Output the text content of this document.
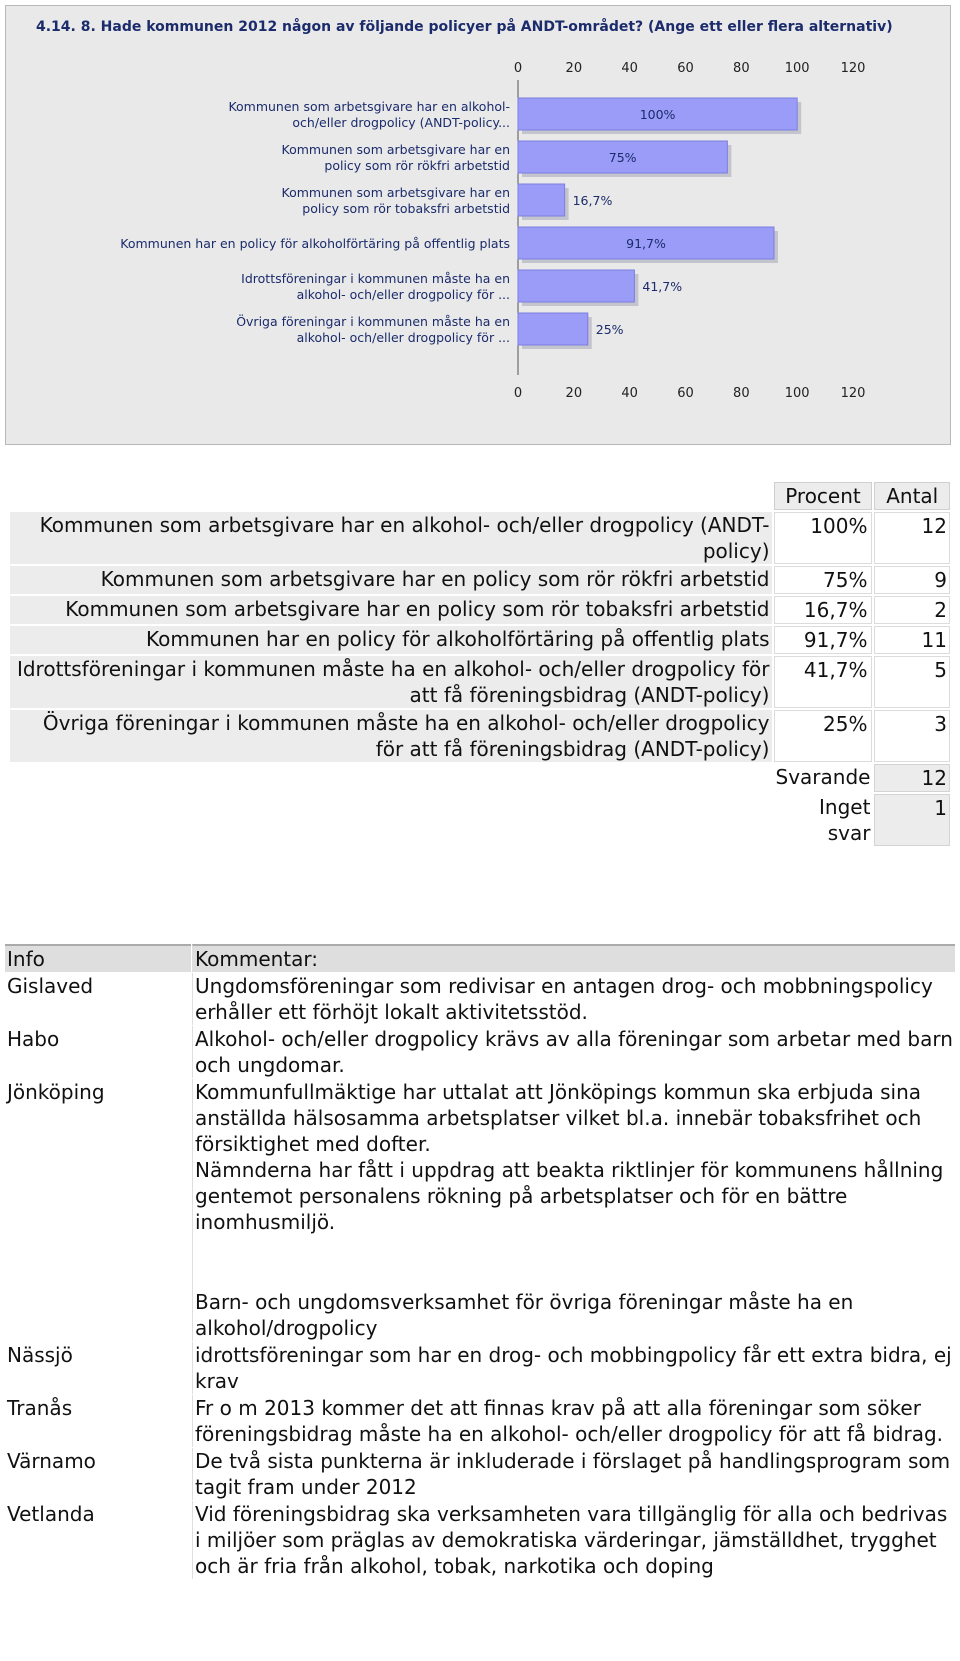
4.14. 8. Hade kommunen 2012 någon av följande policyer på ANDT-området? (Ange ett eller flera alternativ)
0
0
20
20
40
40
60
60
80
80
100
100
120
120
100%
Kommunen som arbetsgivare har en alkohol-
och/eller drogpolicy (ANDT-policy...
75%
Kommunen som arbetsgivare har en
policy som rör rökfri arbetstid
16,7%
Kommunen som arbetsgivare har en
policy som rör tobaksfri arbetstid
91,7%
Kommunen har en policy för alkoholförtäring på offentlig plats
41,7%
Idrottsföreningar i kommunen måste ha en
alkohol- och/eller drogpolicy för ...
25%
Övriga föreningar i kommunen måste ha en
alkohol- och/eller drogpolicy för ...
	Procent	Antal
Kommunen som arbetsgivare har en alkohol- och/eller drogpolicy (ANDT-policy)	100%	12
Kommunen som arbetsgivare har en policy som rör rökfri arbetstid	75%	9
Kommunen som arbetsgivare har en policy som rör tobaksfri arbetstid	16,7%	2
Kommunen har en policy för alkoholförtäring på offentlig plats	91,7%	11
Idrottsföreningar i kommunen måste ha en alkohol- och/eller drogpolicy för att få föreningsbidrag (ANDT-policy)	41,7%	5
Övriga föreningar i kommunen måste ha en alkohol- och/eller drogpolicy för att få föreningsbidrag (ANDT-policy)	25%	3
	Svarande	12
	Inget svar	1
Info	Kommentar:
Gislaved	Ungdomsföreningar som redivisar en antagen drog- och mobbningspolicy erhåller ett förhöjt lokalt aktivitetsstöd.
Habo	Alkohol- och/eller drogpolicy krävs av alla föreningar som arbetar med barn och ungdomar.
Jönköping	Kommunfullmäktige har uttalat att Jönköpings kommun ska erbjuda sina anställda hälsosamma arbetsplatser vilket bl.a. innebär tobaksfrihet och försiktighet med dofter.
Nämnderna har fått i uppdrag att beakta riktlinjer för kommunens hållning gentemot personalens rökning på arbetsplatser och för en bättre inomhusmiljö.
Barn- och ungdomsverksamhet för övriga föreningar måste ha en alkohol/drogpolicy

Nässjö	idrottsföreningar som har en drog- och mobbingpolicy får ett extra bidra, ej krav
Tranås	Fr o m 2013 kommer det att finnas krav på att alla föreningar som söker föreningsbidrag måste ha en alkohol- och/eller drogpolicy för att få bidrag.
Värnamo	De två sista punkterna är inkluderade i förslaget på handlingsprogram som tagit fram under 2012
Vetlanda	Vid föreningsbidrag ska verksamheten vara tillgänglig för alla och bedrivas i miljöer som präglas av demokratiska värderingar, jämställdhet, trygghet och är fria från alkohol, tobak, narkotika och doping
